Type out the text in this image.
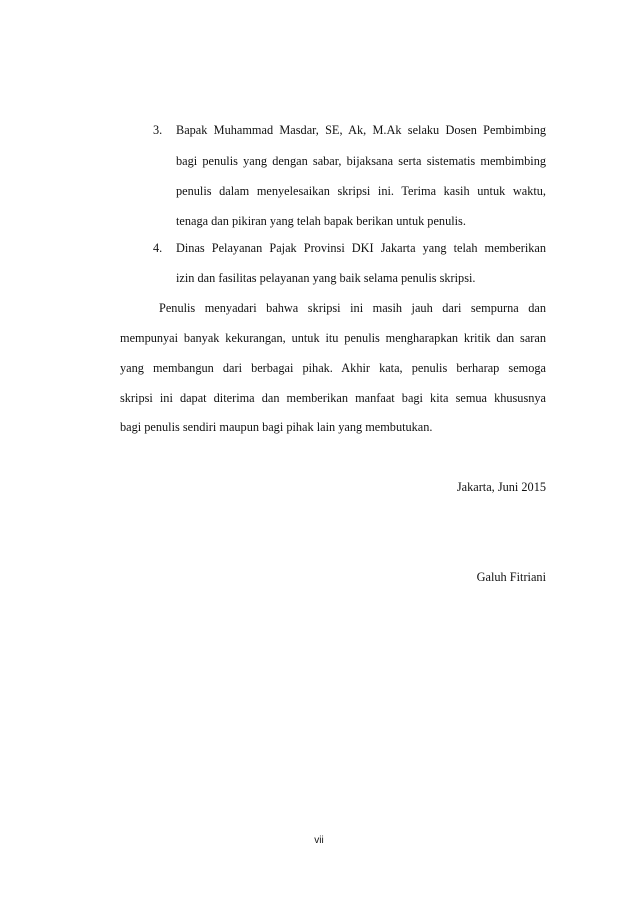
3. Bapak Muhammad Masdar, SE, Ak, M.Ak selaku Dosen Pembimbing
bagi penulis yang dengan sabar, bijaksana serta sistematis membimbing
penulis dalam menyelesaikan skripsi ini. Terima kasih untuk waktu,
tenaga dan pikiran yang telah bapak berikan untuk penulis.
4. Dinas Pelayanan Pajak Provinsi DKI Jakarta yang telah memberikan
izin dan fasilitas pelayanan yang baik selama penulis skripsi.
Penulis menyadari bahwa skripsi ini masih jauh dari sempurna dan
mempunyai banyak kekurangan, untuk itu penulis mengharapkan kritik dan saran
yang membangun dari berbagai pihak. Akhir kata, penulis berharap semoga
skripsi ini dapat diterima dan memberikan manfaat bagi kita semua khususnya
bagi penulis sendiri maupun bagi pihak lain yang membutukan.
Jakarta, Juni 2015
Galuh Fitriani
vii
